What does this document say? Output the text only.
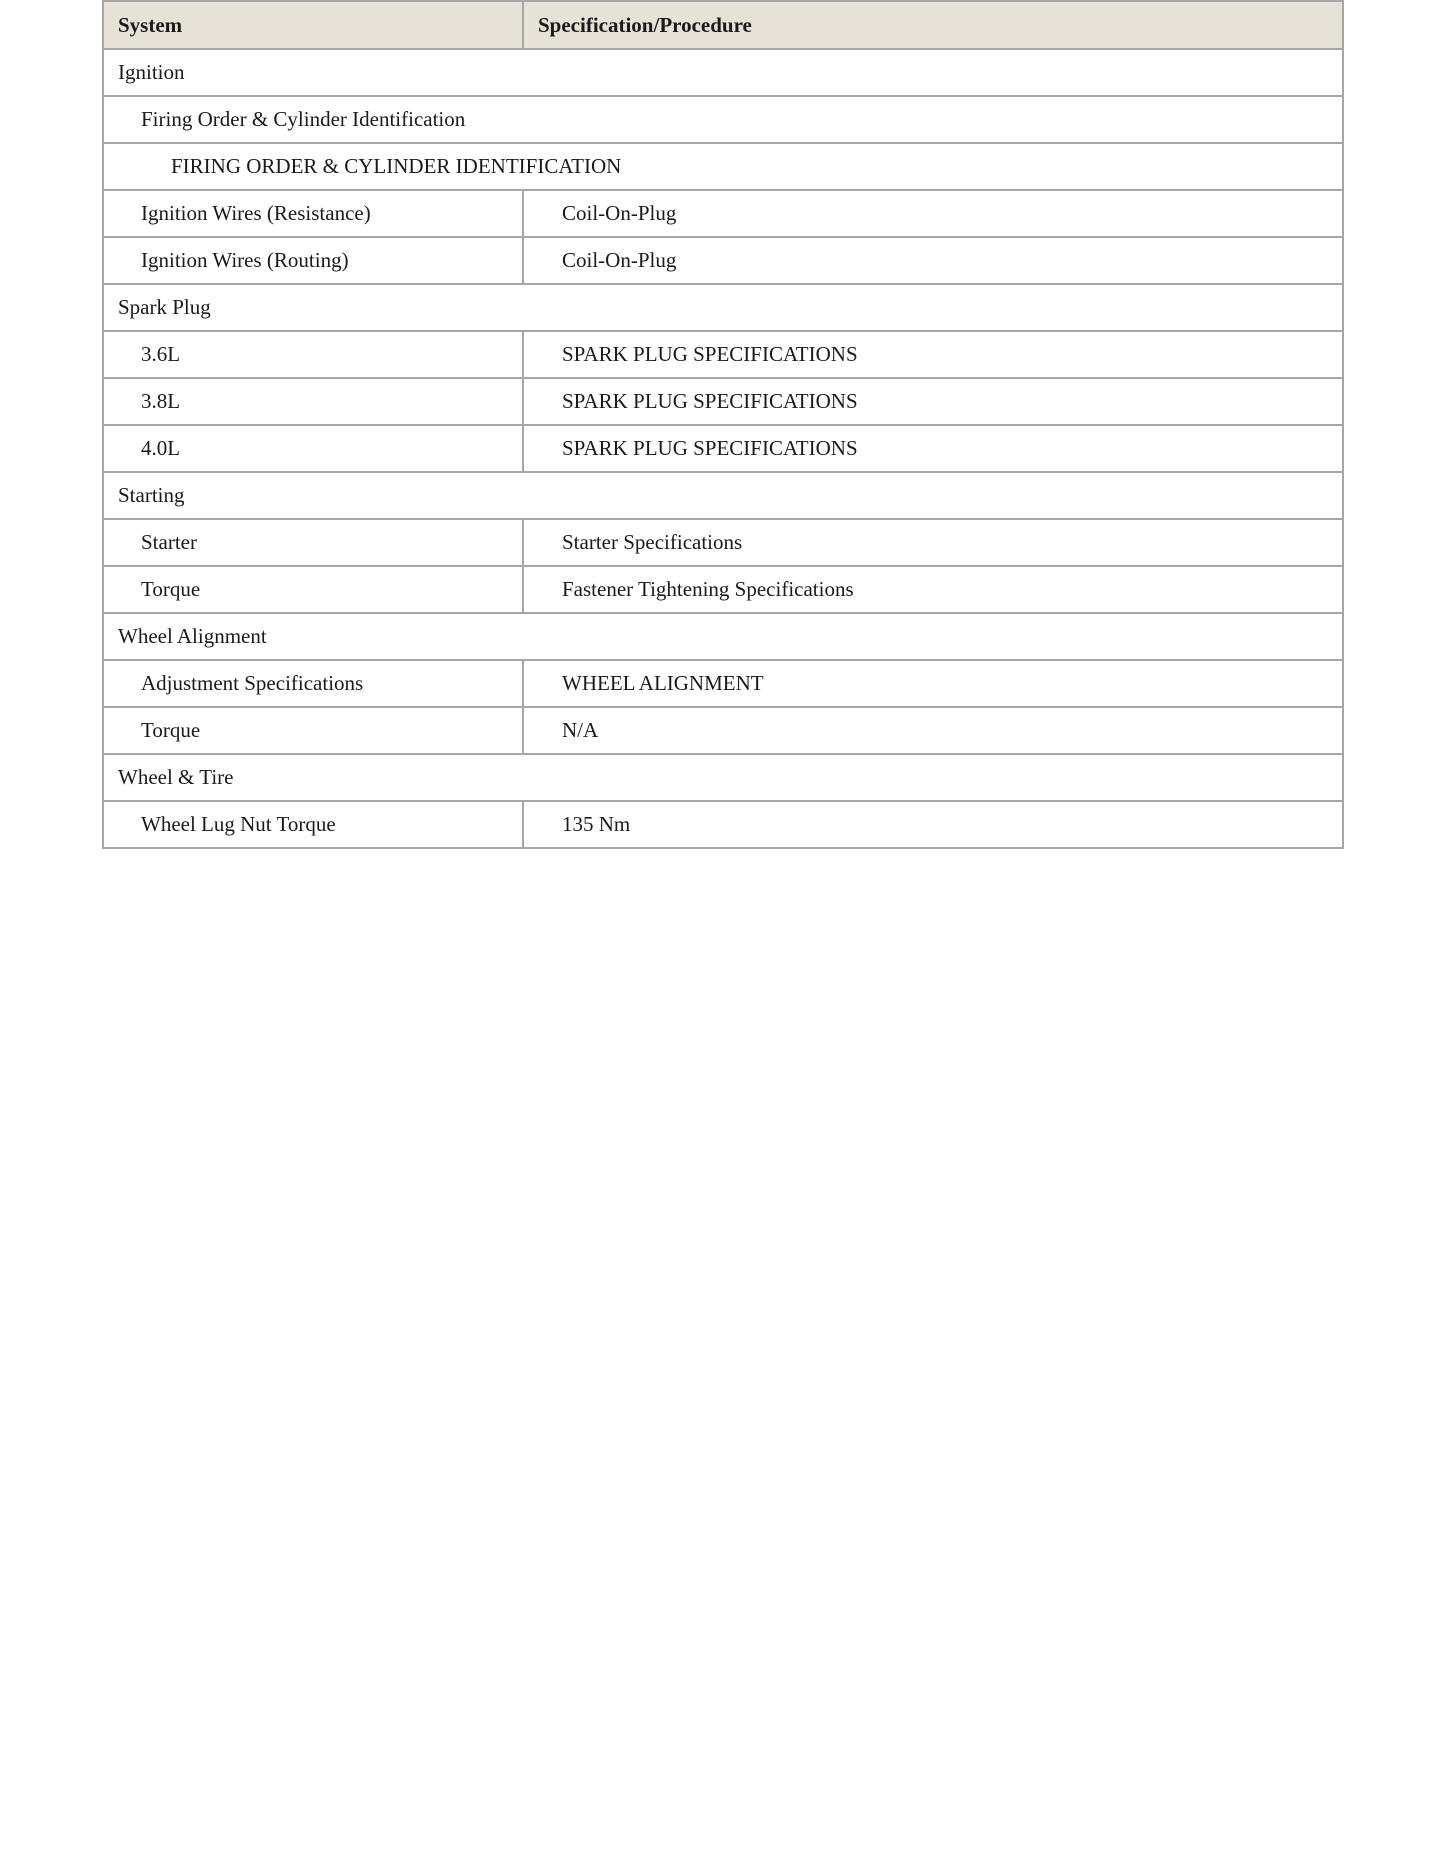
System	Specification/Procedure
Ignition	
Firing Order & Cylinder Identification	
FIRING ORDER & CYLINDER IDENTIFICATION	
Ignition Wires (Resistance)	Coil-On-Plug
Ignition Wires (Routing)	Coil-On-Plug
Spark Plug	
3.6L	SPARK PLUG SPECIFICATIONS
3.8L	SPARK PLUG SPECIFICATIONS
4.0L	SPARK PLUG SPECIFICATIONS
Starting	
Starter	Starter Specifications
Torque	Fastener Tightening Specifications
Wheel Alignment	
Adjustment Specifications	WHEEL ALIGNMENT
Torque	N/A
Wheel & Tire	
Wheel Lug Nut Torque	135 Nm
